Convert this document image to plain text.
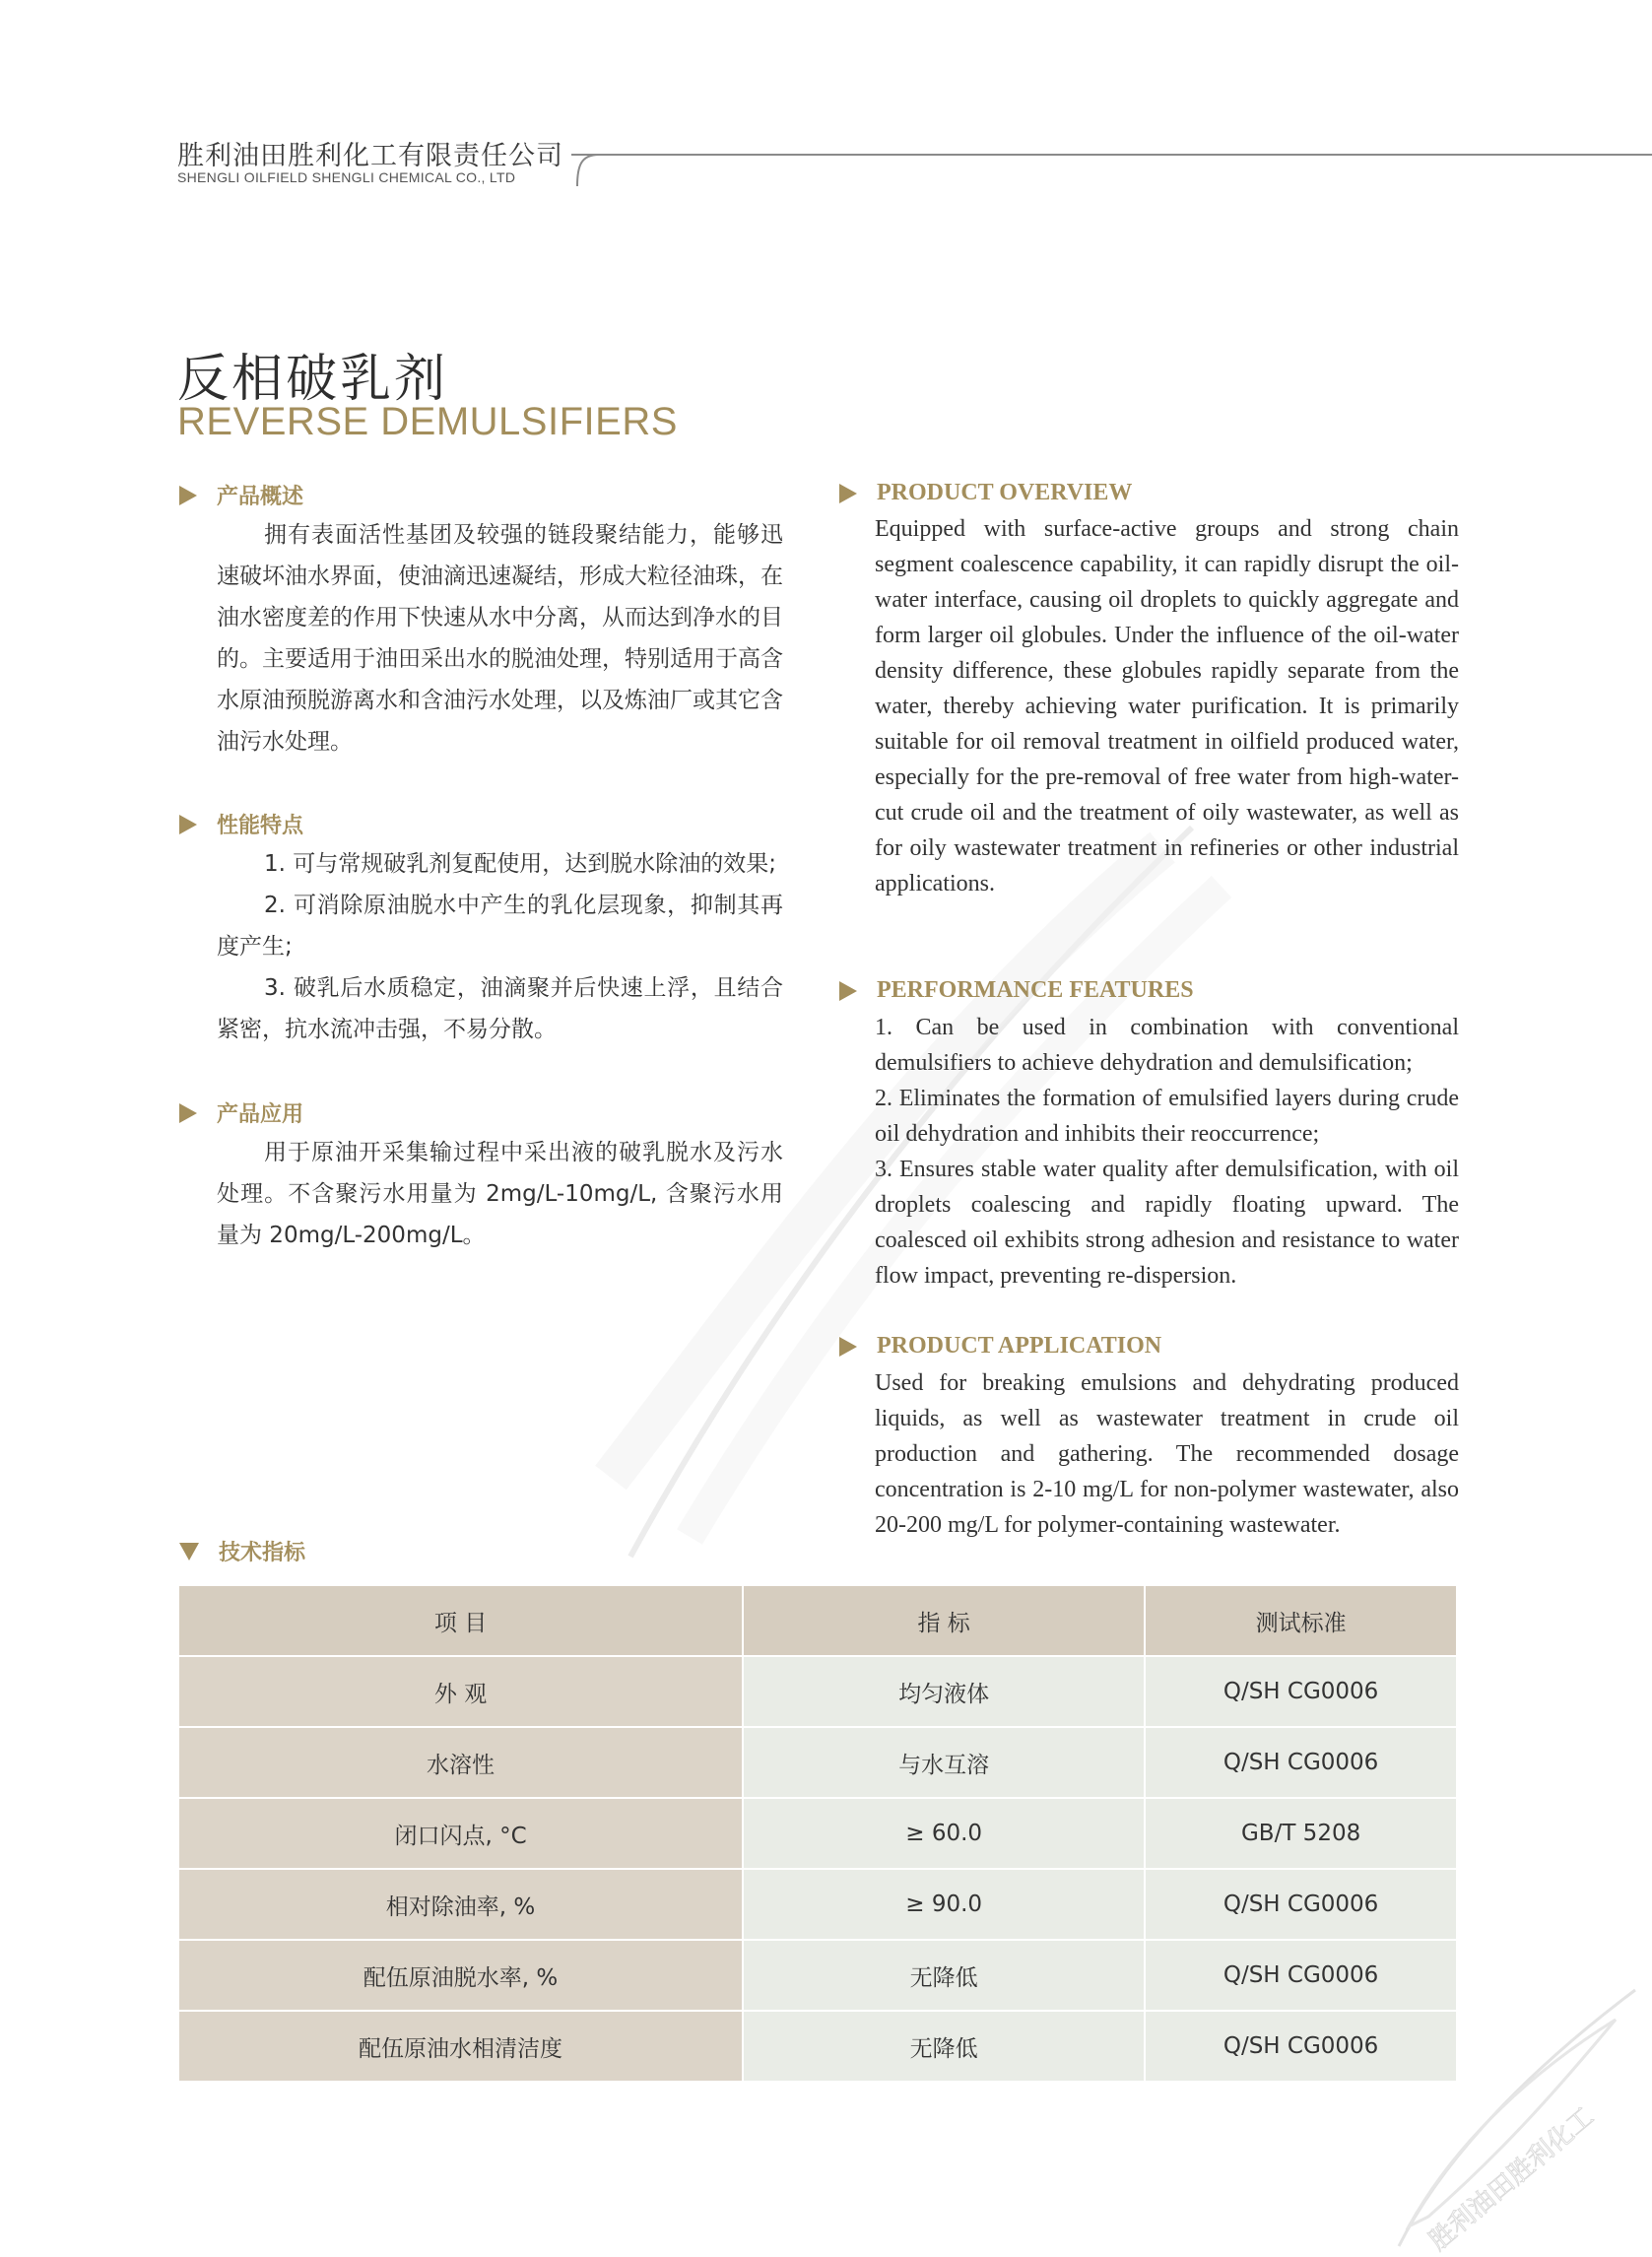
胜利油田胜利化工有限责任公司
SHENGLI OILFIELD SHENGLI CHEMICAL CO., LTD
反相破乳剂
REVERSE DEMULSIFIERS
产品概述

拥有表面活性基团及较强的链段聚结能力，能够迅速破坏油水界面，使油滴迅速凝结，形成大粒径油珠，在油水密度差的作用下快速从水中分离，从而达到净水的目的。主要适用于油田采出水的脱油处理，特别适用于高含水原油预脱游离水和含油污水处理，以及炼油厂或其它含油污水处理。

性能特点

1. 可与常规破乳剂复配使用，达到脱水除油的效果;

2. 可消除原油脱水中产生的乳化层现象，抑制其再度产生;

3. 破乳后水质稳定，油滴聚并后快速上浮，且结合紧密，抗水流冲击强，不易分散。

产品应用

用于原油开采集输过程中采出液的破乳脱水及污水处理。不含聚污水用量为 2mg/L-10mg/L, 含聚污水用量为 20mg/L-200mg/L。

技术指标
PRODUCT OVERVIEW

Equipped with surface-active groups and strong chain segment coalescence capability, it can rapidly disrupt the oil-water interface, causing oil droplets to quickly aggregate and form larger oil globules. Under the influence of the oil-water density difference, these globules rapidly separate from the water, thereby achieving water purification. It is primarily suitable for oil removal treatment in oilfield produced water, especially for the pre-removal of free water from high-water-cut crude oil and the treatment of oily wastewater, as well as for oily wastewater treatment in refineries or other industrial applications.

PERFORMANCE FEATURES

1. Can be used in combination with conventional demulsifiers to achieve dehydration and demulsification;

2. Eliminates the formation of emulsified layers during crude oil dehydration and inhibits their reoccurrence;

3. Ensures stable water quality after demulsification, with oil droplets coalescing and rapidly floating upward. The coalesced oil exhibits strong adhesion and resistance to water flow impact, preventing re-dispersion.

PRODUCT APPLICATION

Used for breaking emulsions and dehydrating produced liquids, as well as wastewater treatment in crude oil production and gathering. The recommended dosage concentration is 2-10 mg/L for non-polymer wastewater, also 20-200 mg/L for polymer-containing wastewater.

项 目	指 标	测试标准
外 观	均匀液体	Q/SH CG0006
水溶性	与水互溶	Q/SH CG0006
闭口闪点, °C	≥ 60.0	GB/T 5208
相对除油率, %	≥ 90.0	Q/SH CG0006
配伍原油脱水率, %	无降低	Q/SH CG0006
配伍原油水相清洁度	无降低	Q/SH CG0006
胜利油田胜利化工
